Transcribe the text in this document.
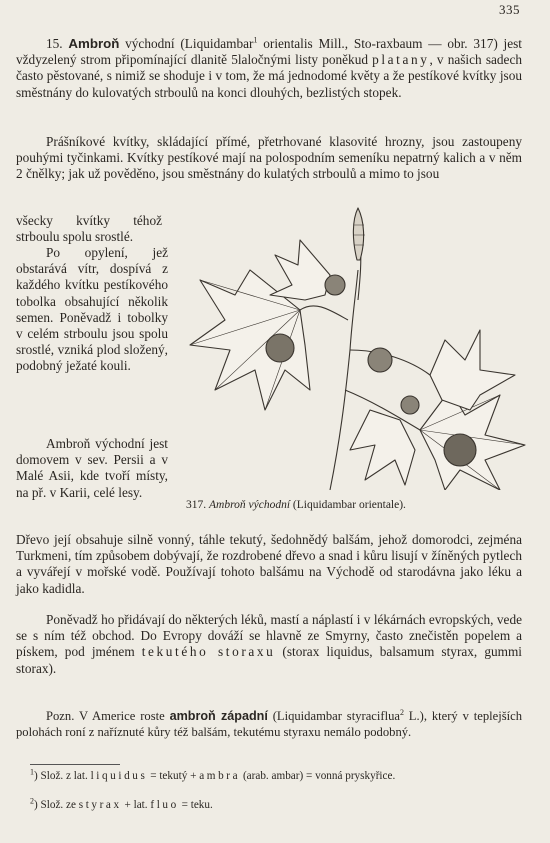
335

15. Ambroň východní (Liquidambar$^1$ orientalis Mill., Sto-raxbaum — obr. 317) jest vždyzelený strom připomínající dlanitě 5laločnými listy poněkud platany, v našich sadech často pěstované, s nimiž se shoduje i v tom, že má jednodomé květy a že pestíkové kvítky jsou směstnány do kulovatých strboulů na konci dlouhých, bezlistých stopek.

Prášníkové kvítky, skládající přímé, přetrhované klasovité hrozny, jsou zastoupeny pouhými tyčinkami. Kvítky pestíkové mají na polospodním semeníku nepatrný kalich a v něm 2 čnělky; jak už pověděno, jsou směstnány do kulatých strboulů a mimo to jsou

všecky kvítky téhož strboulu spolu srostlé.

Po opylení, jež obstarává vítr, dospívá z každého kvítku pestíkového tobolka obsahující několik semen. Poněvadž i tobolky v celém strboulu jsou spolu srostlé, vzniká plod složený, podobný ježaté kouli.

Ambroň východní jest domovem v sev. Persii a v Malé Asii, kde tvoří místy, na př. v Karii, celé lesy.

317. Ambroň východní (Liquidambar orientale).

Dřevo její obsahuje silně vonný, táhle tekutý, šedohnědý balšám, jehož domorodci, zejména Turkmeni, tím způsobem dobývají, že rozdrobené dřevo a snad i kůru lisují v žíněných pytlech a vyvářejí v mořské vodě. Používají tohoto balšámu na Východě od starodávna jako léku a jako kadidla.

Poněvadž ho přidávají do některých léků, mastí a náplastí i v lékárnách evropských, vede se s ním též obchod. Do Evropy dováží se hlavně ze Smyrny, často znečistěn popelem a pískem, pod jménem tekutého storaxu (storax liquidus, balsamum styrax, gummi storax).

Pozn. V Americe roste ambroň západní (Liquidambar styraciflua$^2$ L.), který v teplejších polohách roní z naříznuté kůry též balšám, tekutému styraxu nemálo podobný.

$^1$) Slož. z lat. liquidus = tekutý + ambra (arab. ambar) = vonná pryskyřice.

$^2$) Slož. ze styrax + lat. fluo = teku.
